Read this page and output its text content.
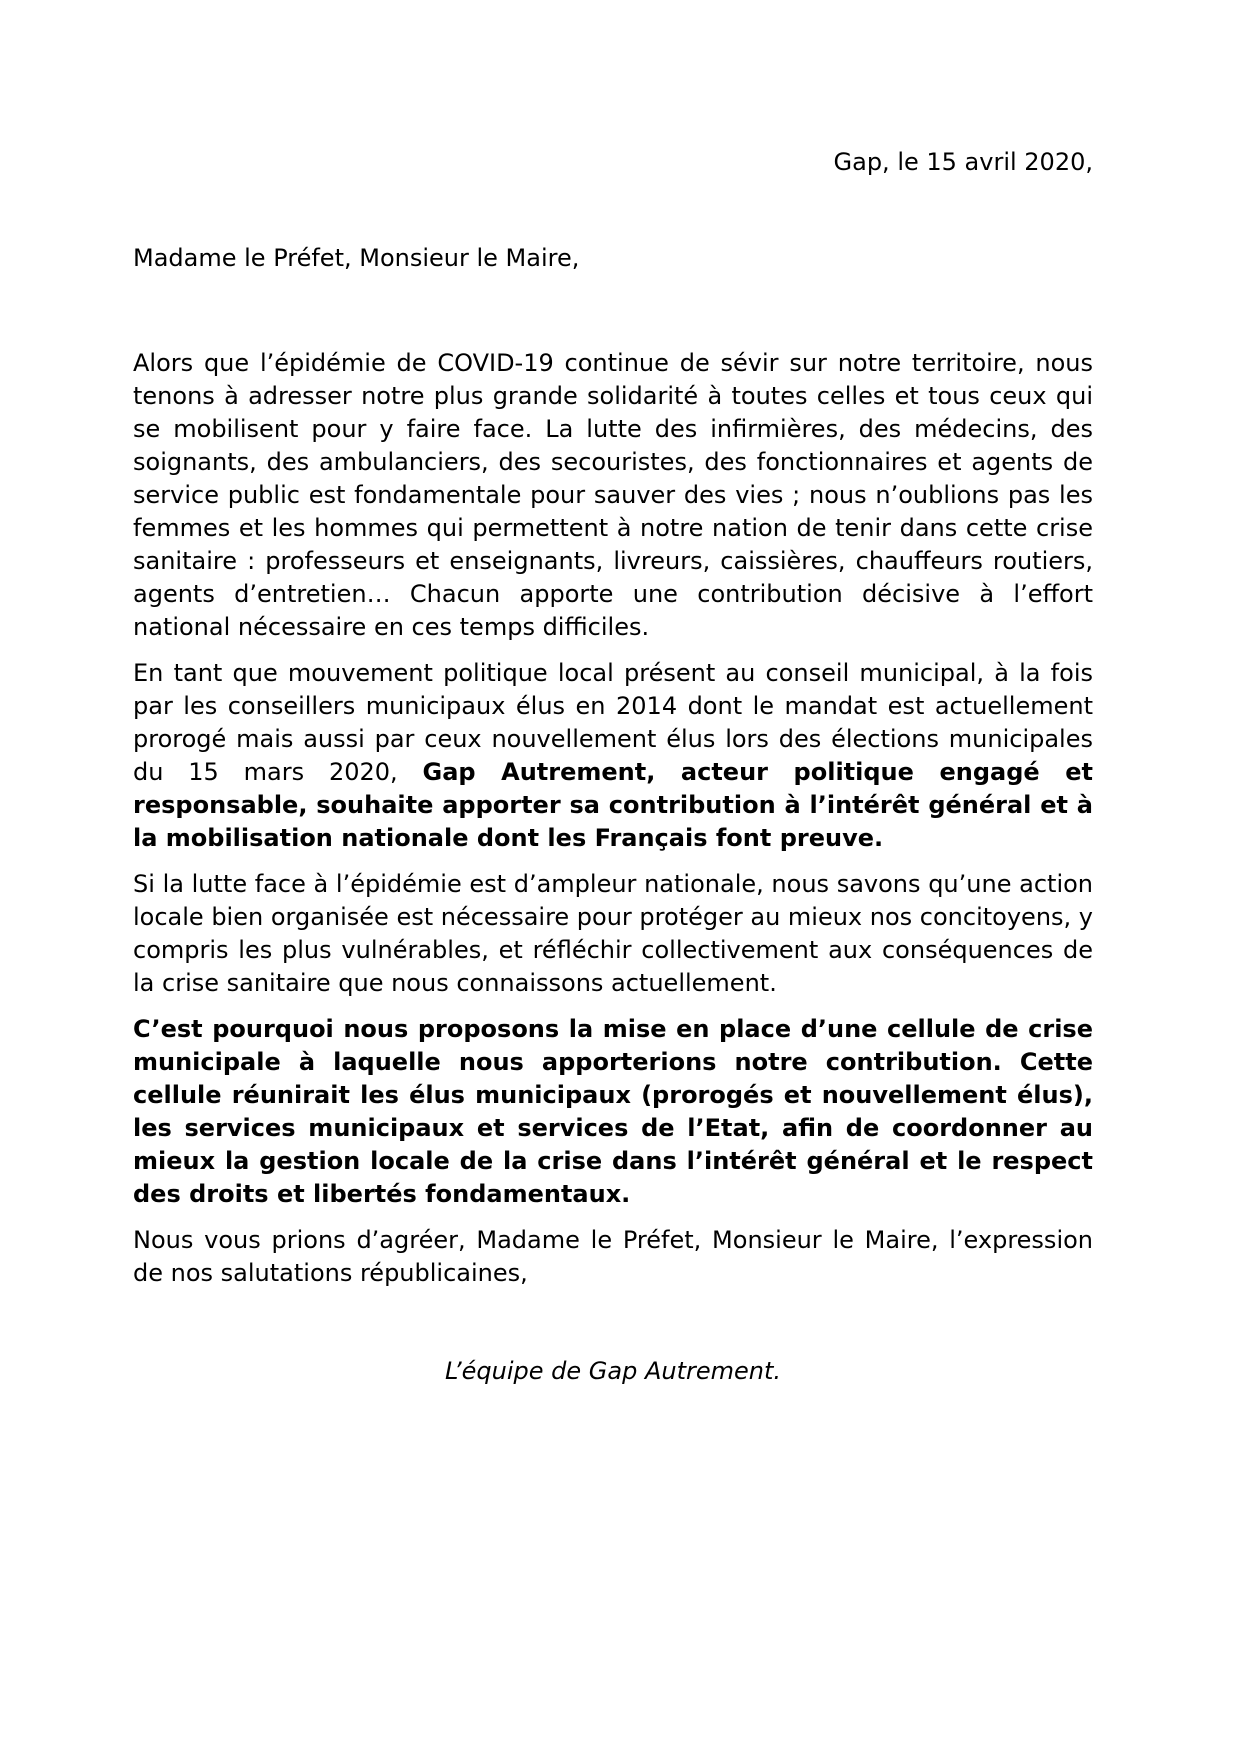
Gap, le 15 avril 2020,

Madame le Préfet, Monsieur le Maire,

Alors que l’épidémie de COVID-19 continue de sévir sur notre territoire, nous tenons à adresser notre plus grande solidarité à toutes celles et tous ceux qui se mobilisent pour y faire face. La lutte des infirmières, des médecins, des soignants, des ambulanciers, des secouristes, des fonctionnaires et agents de service public est fondamentale pour sauver des vies ; nous n’oublions pas les femmes et les hommes qui permettent à notre nation de tenir dans cette crise sanitaire : professeurs et enseignants, livreurs, caissières, chauffeurs routiers, agents d’entretien… Chacun apporte une contribution décisive à l’effort national nécessaire en ces temps difficiles.

En tant que mouvement politique local présent au conseil municipal, à la fois par les conseillers municipaux élus en 2014 dont le mandat est actuellement prorogé mais aussi par ceux nouvellement élus lors des élections municipales du 15 mars 2020, Gap Autrement, acteur politique engagé et responsable, souhaite apporter sa contribution à l’intérêt général et à la mobilisation nationale dont les Français font preuve.

Si la lutte face à l’épidémie est d’ampleur nationale, nous savons qu’une action locale bien organisée est nécessaire pour protéger au mieux nos concitoyens, y compris les plus vulnérables, et réfléchir collectivement aux conséquences de la crise sanitaire que nous connaissons actuellement.

C’est pourquoi nous proposons la mise en place d’une cellule de crise municipale à laquelle nous apporterions notre contribution. Cette cellule réunirait les élus municipaux (prorogés et nouvellement élus), les services municipaux et services de l’Etat, afin de coordonner au mieux la gestion locale de la crise dans l’intérêt général et le respect des droits et libertés fondamentaux.

Nous vous prions d’agréer, Madame le Préfet, Monsieur le Maire, l’expression de nos salutations républicaines,

L’équipe de Gap Autrement.
